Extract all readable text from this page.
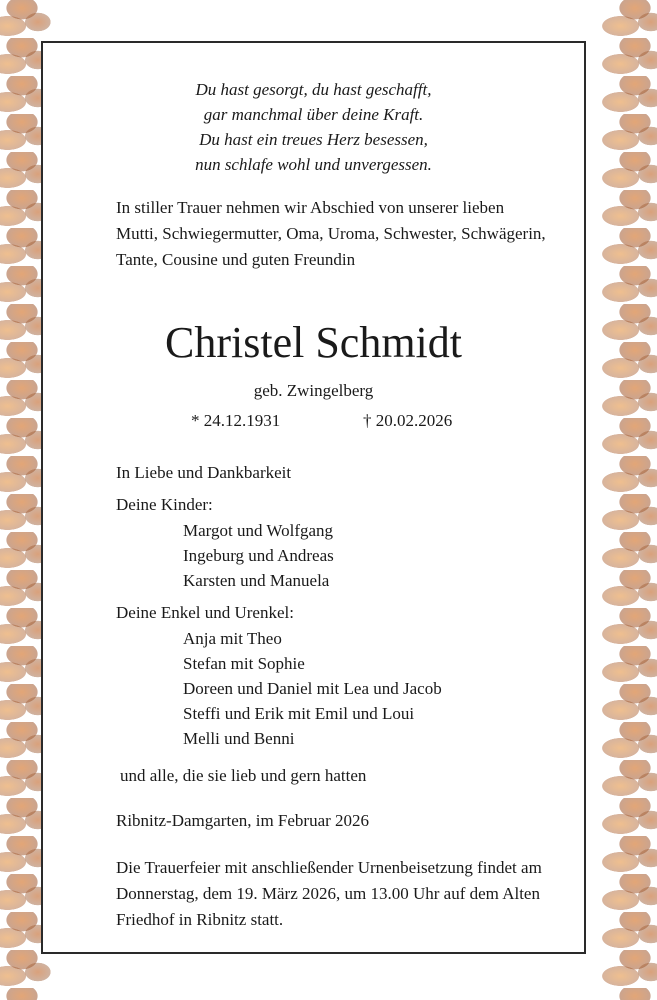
Du hast gesorgt, du hast geschafft,
gar manchmal über deine Kraft.
Du hast ein treues Herz besessen,
nun schlafe wohl und unvergessen.
In stiller Trauer nehmen wir Abschied von unserer lieben Mutti, Schwiegermutter, Oma, Uroma, Schwester, Schwägerin, Tante, Cousine und guten Freundin
Christel Schmidt
geb. Zwingelberg
* 24.12.1931	† 20.02.2026
In Liebe und Dankbarkeit
Deine Kinder:
Margot und Wolfgang
Ingeburg und Andreas
Karsten und Manuela
Deine Enkel und Urenkel:
Anja mit Theo
Stefan mit Sophie
Doreen und Daniel mit Lea und Jacob
Steffi und Erik mit Emil und Loui
Melli und Benni
und alle, die sie lieb und gern hatten
Ribnitz-Damgarten, im Februar 2026
Die Trauerfeier mit anschließender Urnenbeisetzung findet am Donnerstag, dem 19. März 2026, um 13.00 Uhr auf dem Alten Friedhof in Ribnitz statt.
